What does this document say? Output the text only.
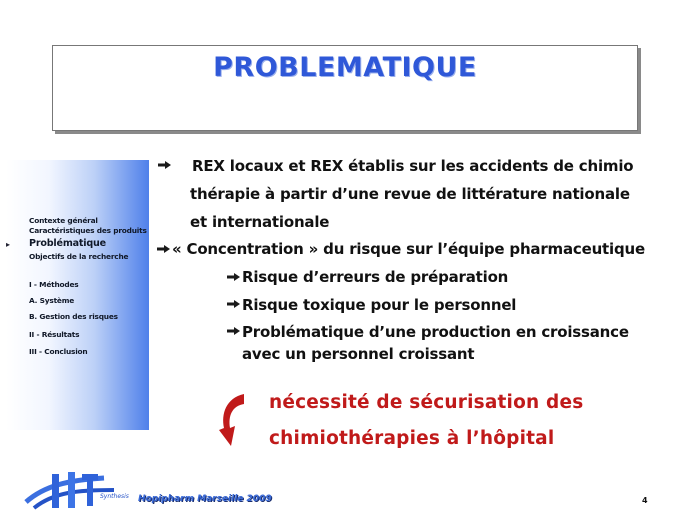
PROBLEMATIQUE
▸
Contexte général
Caractéristiques des produits
Problématique
Objectifs de la recherche
I - Méthodes
A. Système
B. Gestion des risques
II - Résultats
III - Conclusion
REX locaux et REX établis sur les accidents de chimio
thérapie à partir d’une revue de littérature nationale
et internationale
« Concentration » du risque sur l’équipe pharmaceutique
Risque d’erreurs de préparation
Risque toxique pour le personnel
Problématique d’une production en croissance
avec un personnel croissant
nécessité de sécurisation des
chimiothérapies à l’hôpital
Synthesis Hopipharm Marseille 2009	4
